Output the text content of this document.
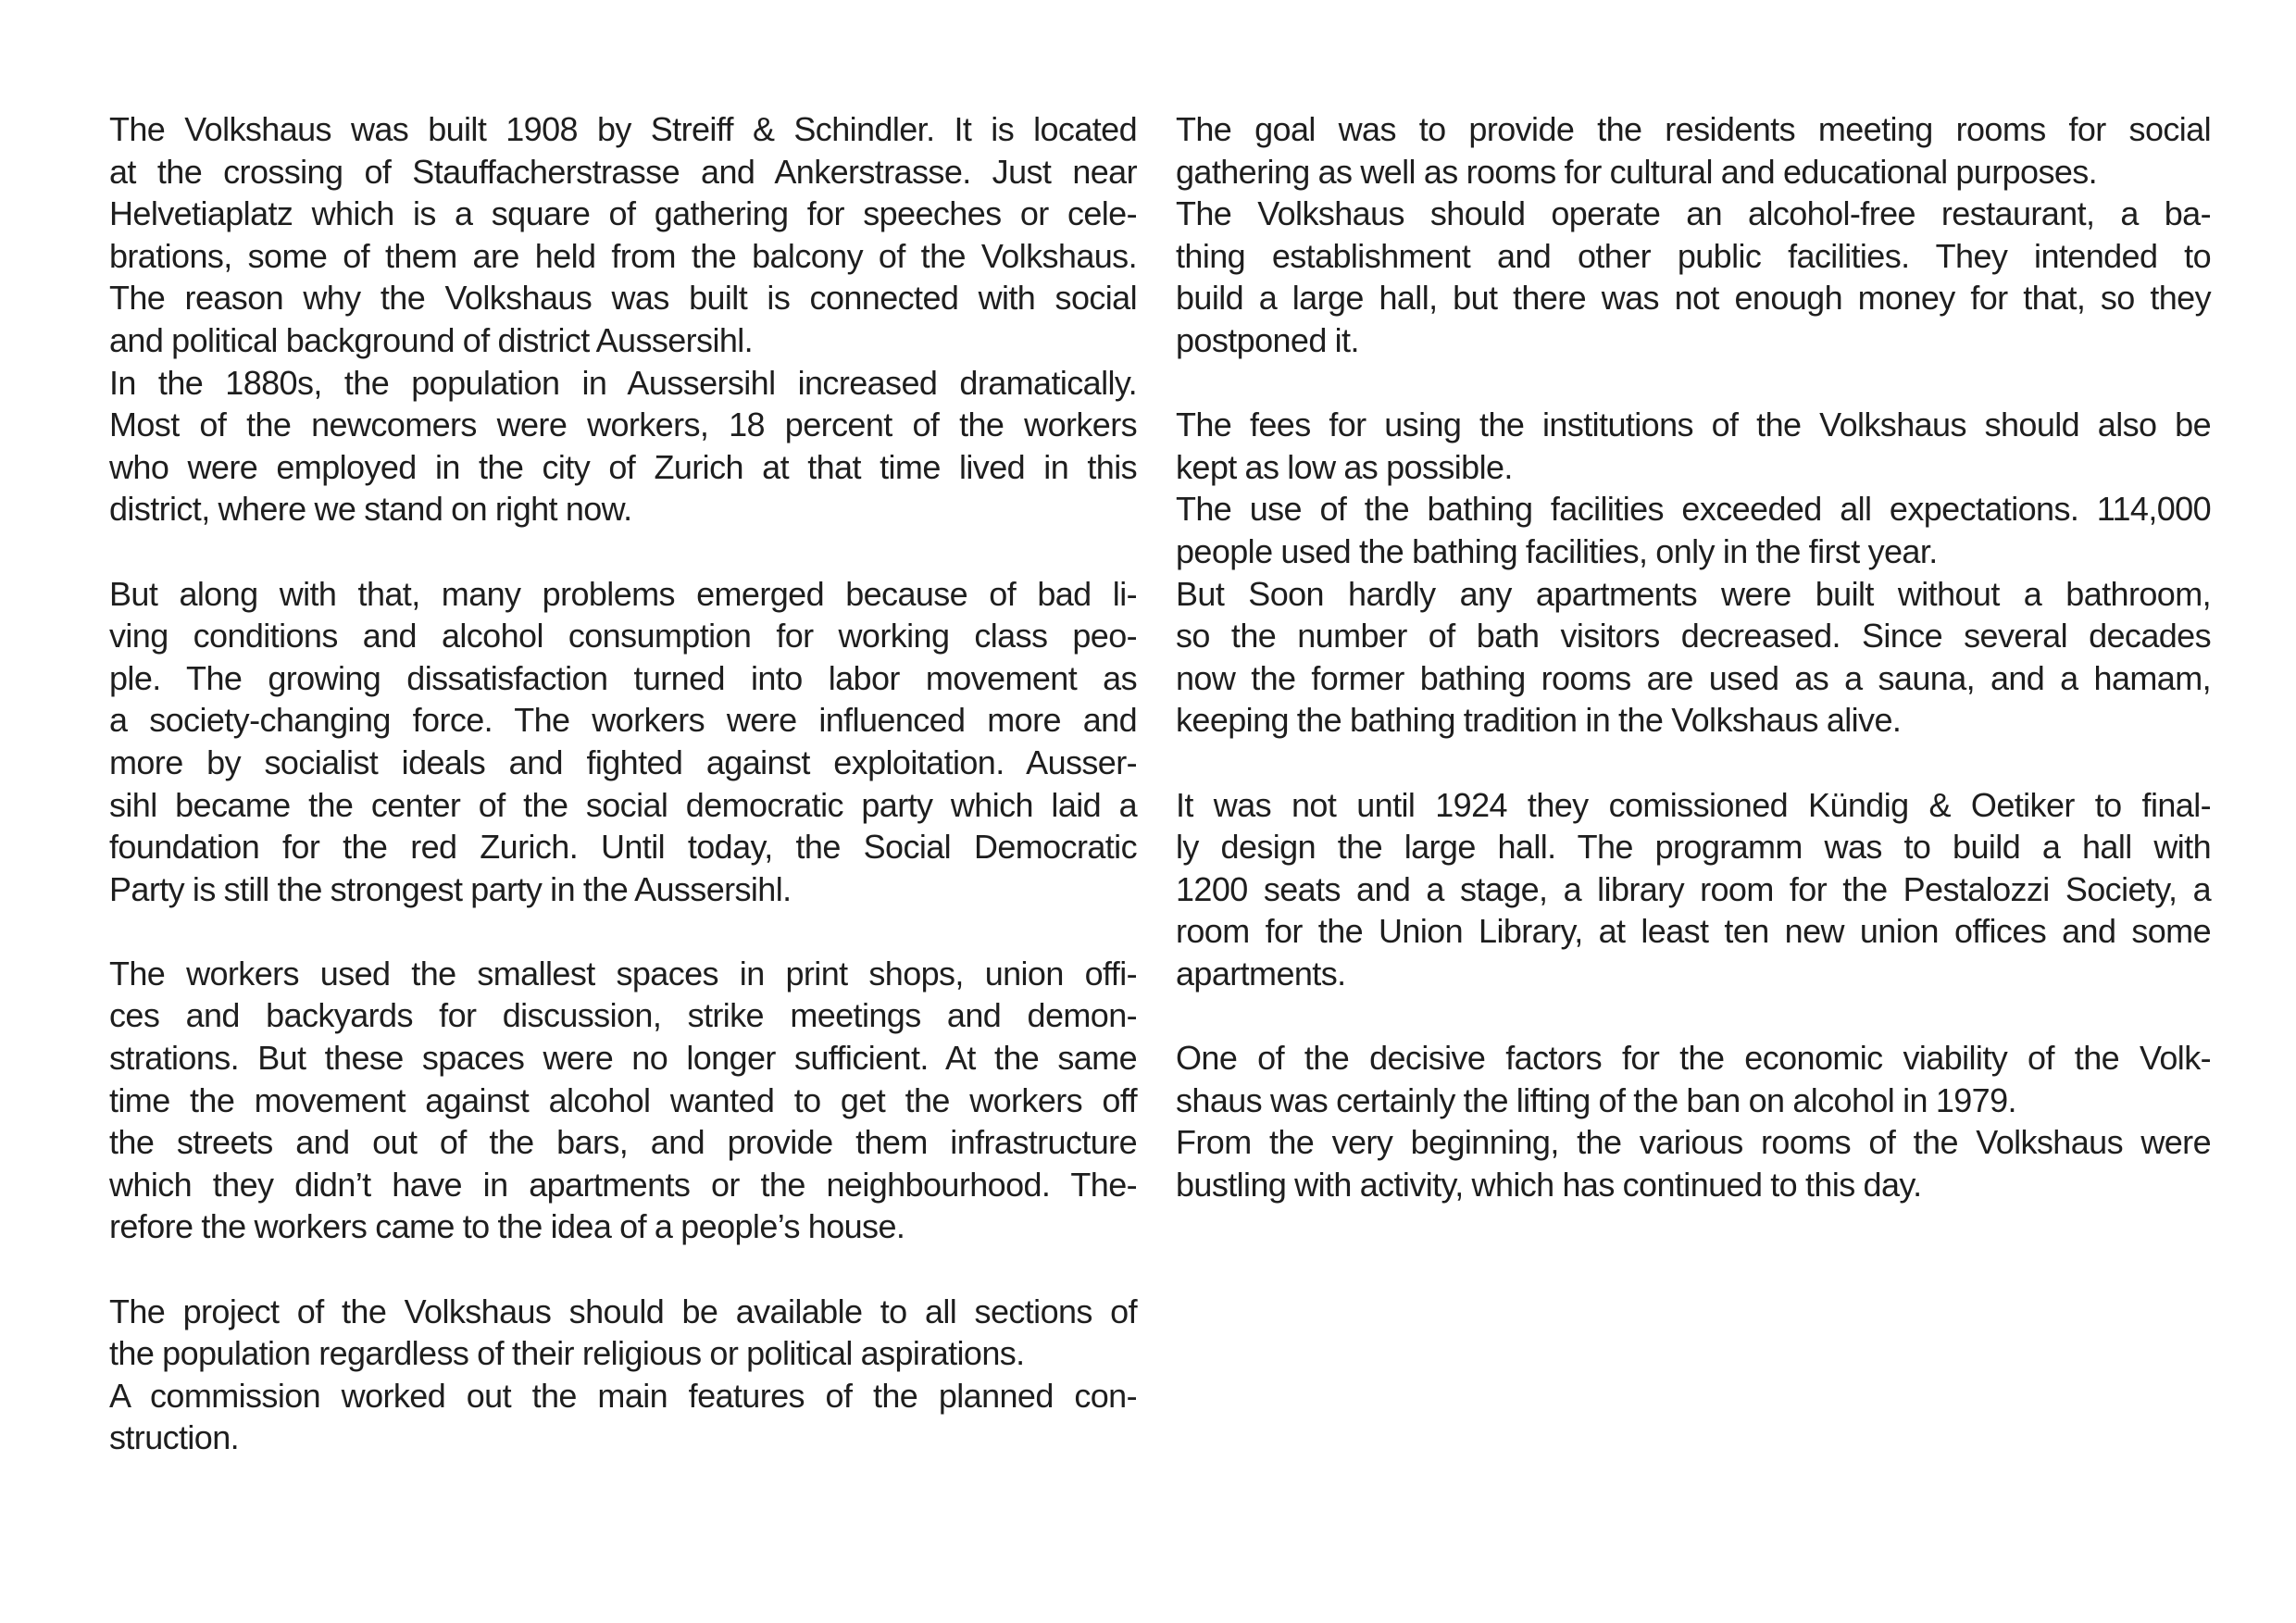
The Volkshaus was built 1908 by Streiff & Schindler. It is located
at the crossing of Stauffacherstrasse and Ankerstrasse. Just near
Helvetiaplatz which is a square of gathering for speeches or cele-
brations, some of them are held from the balcony of the Volkshaus.
The reason why the Volkshaus was built is connected with social
and political background of district Aussersihl.
In the 1880s, the population in Aussersihl increased dramatically.
Most of the newcomers were workers, 18 percent of the workers
who were employed in the city of Zurich at that time lived in this
district, where we stand on right now.

But along with that, many problems emerged because of bad li-
ving conditions and alcohol consumption for working class peo-
ple. The growing dissatisfaction turned into labor movement as
a society-changing force. The workers were influenced more and
more by socialist ideals and fighted against exploitation. Ausser-
sihl became the center of the social democratic party which laid a
foundation for the red Zurich. Until today, the Social Democratic
Party is still the strongest party in the Aussersihl.

The workers used the smallest spaces in print shops, union offi-
ces and backyards for discussion, strike meetings and demon-
strations. But these spaces were no longer sufficient. At the same
time the movement against alcohol wanted to get the workers off
the streets and out of the bars, and provide them infrastructure
which they didn’t have in apartments or the neighbourhood. The-
refore the workers came to the idea of a people’s house.

The project of the Volkshaus should be available to all sections of
the population regardless of their religious or political aspirations.
A commission worked out the main features of the planned con-
struction.

The goal was to provide the residents meeting rooms for social
gathering as well as rooms for cultural and educational purposes.
The Volkshaus should operate an alcohol-free restaurant, a ba-
thing establishment and other public facilities. They intended to
build a large hall, but there was not enough money for that, so they
postponed it.

The fees for using the institutions of the Volkshaus should also be
kept as low as possible.
The use of the bathing facilities exceeded all expectations. 114,000
people used the bathing facilities, only in the first year.
But Soon hardly any apartments were built without a bathroom,
so the number of bath visitors decreased. Since several decades
now the former bathing rooms are used as a sauna, and a hamam,
keeping the bathing tradition in the Volkshaus alive.

It was not until 1924 they comissioned Kündig & Oetiker to final-
ly design the large hall. The programm was to build a hall with
1200 seats and a stage, a library room for the Pestalozzi Society, a
room for the Union Library, at least ten new union offices and some
apartments.

One of the decisive factors for the economic viability of the Volk-
shaus was certainly the lifting of the ban on alcohol in 1979.
From the very beginning, the various rooms of the Volkshaus were
bustling with activity, which has continued to this day.
